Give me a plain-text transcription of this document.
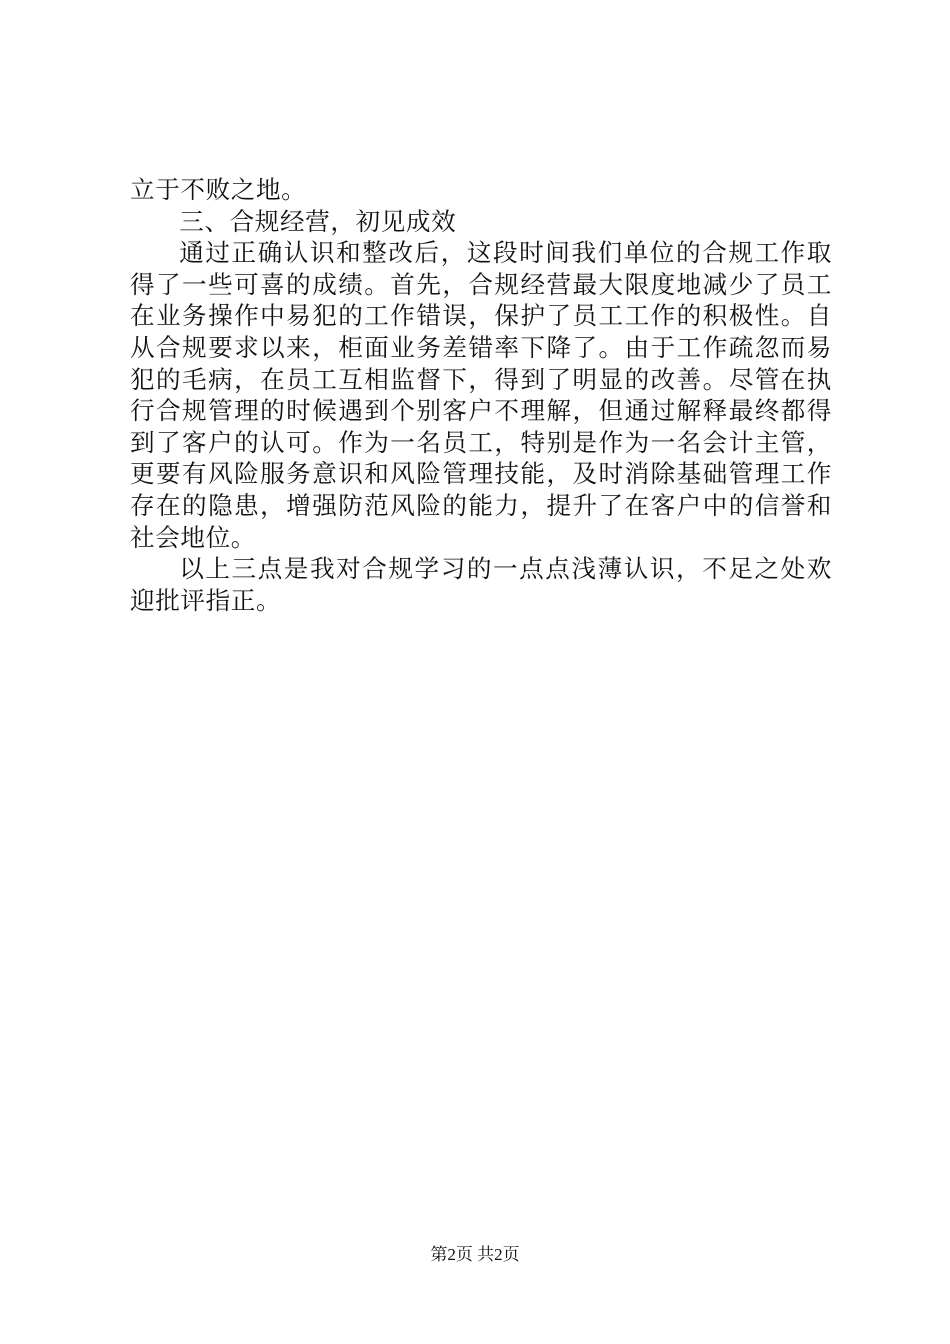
立于不败之地。

三、合规经营，初见成效

通过正确认识和整改后，这段时间我们单位的合规工作取得了一些可喜的成绩。首先，合规经营最大限度地减少了员工在业务操作中易犯的工作错误，保护了员工工作的积极性。自从合规要求以来，柜面业务差错率下降了。由于工作疏忽而易犯的毛病，在员工互相监督下，得到了明显的改善。尽管在执行合规管理的时候遇到个别客户不理解，但通过解释最终都得到了客户的认可。作为一名员工，特别是作为一名会计主管，更要有风险服务意识和风险管理技能，及时消除基础管理工作存在的隐患，增强防范风险的能力，提升了在客户中的信誉和社会地位。

以上三点是我对合规学习的一点点浅薄认识，不足之处欢迎批评指正。

第2页 共2页
